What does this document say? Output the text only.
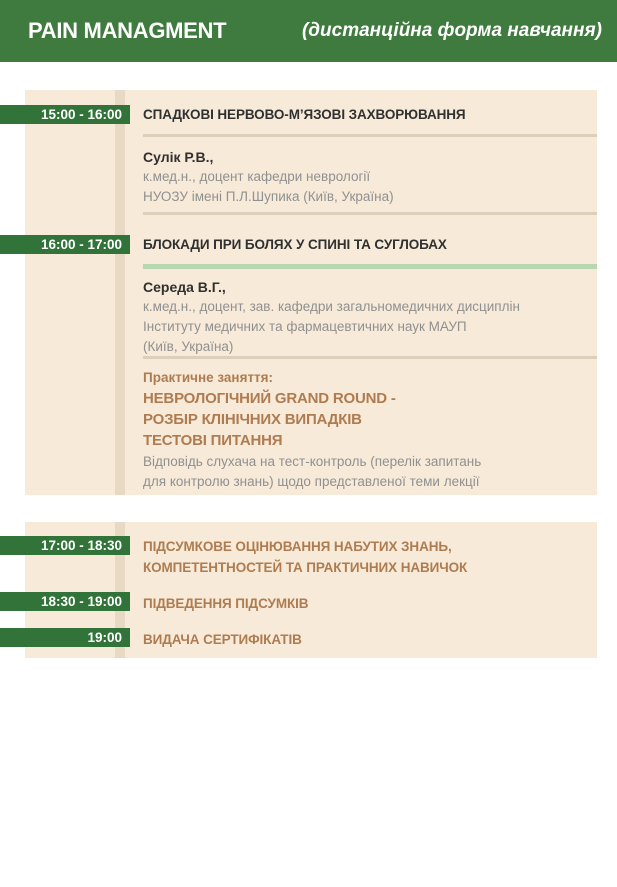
PAIN MANAGMENT	(дистанційна форма навчання)
15:00 - 16:00	СПАДКОВІ НЕРВОВО-М’ЯЗОВІ ЗАХВОРЮВАННЯ
Сулік Р.В.,
к.мед.н., доцент кафедри неврології
НУОЗУ імені П.Л.Шупика (Київ, Україна)
16:00 - 17:00	БЛОКАДИ ПРИ БОЛЯХ У СПИНІ ТА СУГЛОБАХ
Середа В.Г.,
к.мед.н., доцент, зав. кафедри загальномедичних дисциплін
Інституту медичних та фармацевтичних наук МАУП
(Київ, Україна)
Практичне заняття:
НЕВРОЛОГІЧНИЙ GRAND ROUND -
РОЗБІР КЛІНІЧНИХ ВИПАДКІВ
ТЕСТОВІ ПИТАННЯ
Відповідь слухача на тест-контроль (перелік запитань
для контролю знань) щодо представленої теми лекції
17:00 - 18:30	ПІДСУМКОВЕ ОЦІНЮВАННЯ НАБУТИХ ЗНАНЬ,
КОМПЕТЕНТНОСТЕЙ ТА ПРАКТИЧНИХ НАВИЧОК
18:30 - 19:00	ПІДВЕДЕННЯ ПІДСУМКІВ
19:00	ВИДАЧА СЕРТИФІКАТІВ
